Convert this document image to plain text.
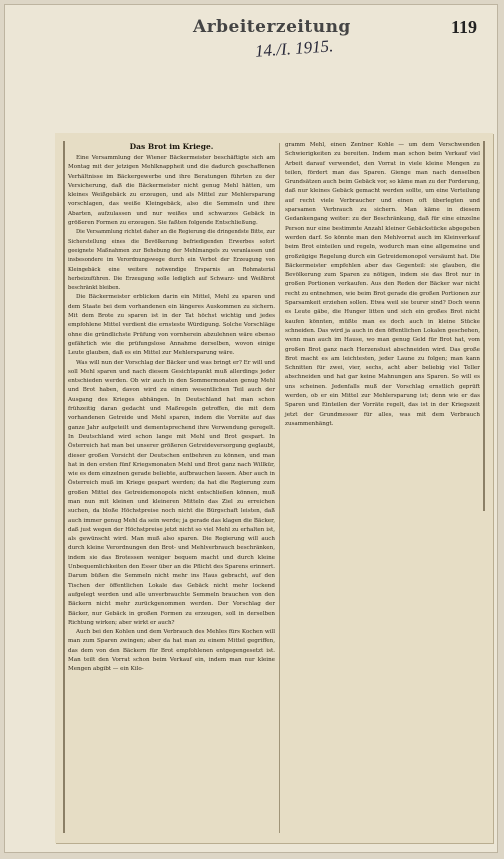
Arbeiterzeitung	119
14./I. 1915.
Das Brot im Kriege.

Eine Versammlung der Wiener Bäckermeister beschäftigte sich am Montag mit der jetzigen Mehlknappheit und die dadurch geschaffenen Verhältnisse im Bäckergewerbe und ihre Beratungen führten zu der Versicherung, daß die Bäckermeister nicht genug Mehl hätten, um kleines Weißgebäck zu erzeugen, und als Mittel zur Mehlersparung vorschlagen, das weiße Kleingebäck, also die Semmeln und ihre Abarten, aufzulassen und nur weißes und schwarzes Gebäck in größeren Formen zu erzeugen. Sie faßten folgende Entschließung.

Die Versammlung richtet daher an die Regierung die dringendste Bitte, zur Sicherstellung eines die Bevölkerung befriedigenden Erwerbes sofort geeignete Maßnahmen zur Behebung der Mehlmangels zu veranlassen und insbesondere im Verordnungswege durch ein Verbot der Erzeugung von Kleingebäck eine weitere notwendige Ersparnis an Rohmaterial herbeizuführen. Die Erzeugung solle lediglich auf Schwarz- und Weißbrot beschränkt bleiben.

Die Bäckermeister erblicken darin ein Mittel, Mehl zu sparen und dem Staate bei dem vorhandenen ein längeres Auskommen zu sichern. Mit dem Brote zu sparen ist in der Tat höchst wichtig und jedes empfohlene Mittel verdient die ernsteste Würdigung. Solche Vorschläge ohne die gründlichste Prüfung von vornherein abzulehnen wäre ebenso gefährlich wie die prüfungslose Annahme derselben, wovon einige Leute glauben, daß es ein Mittel zur Mehlersparung wäre.

Was will nun der Vorschlag der Bäcker und was bringt er? Er will und soll Mehl sparen und nach diesem Gesichtspunkt muß allerdings jeder entschieden werden. Ob wir auch in den Sommermonaten genug Mehl und Brot haben, davon wird zu einem wesentlichen Teil auch der Ausgang des Krieges abhängen. In Deutschland hat man schon frühzeitig daran gedacht und Maßregeln getroffen, die mit dem vorhandenen Getreide und Mehl sparen, indem die Vorräte auf das ganze Jahr aufgeteilt und dementsprechend ihre Verwendung geregelt. In Deutschland wird schon lange mit Mehl und Brot gespart. In Österreich hat man bei unserer größeren Getreideversorgung geglaubt, dieser großen Vorsicht der Deutschen entbehren zu können, und man hat in den ersten fünf Kriegsmonaten Mehl und Brot ganz nach Willkür, wie es dem einzelnen gerade beliebte, aufbrauchen lassen. Aber auch in Österreich muß im Kriege gespart werden; da hat die Regierung zum großen Mittel des Getreidemonopols nicht entschließen können, muß man nun mit kleinen und kleineren Mitteln das Ziel zu erreichen suchen, da bloße Höchstpreise noch nicht die Bürgschaft leisten, daß auch immer genug Mehl da sein werde; ja gerade das klagen die Bäcker, daß just wegen der Höchstpreise jetzt nicht so viel Mehl zu erhalten ist, als gewünscht wird. Man muß also sparen. Die Regierung will auch durch kleine Verordnungen den Brot- und Mehlverbrauch beschränken, indem sie das Brotessen weniger bequem macht und durch kleine Unbequemlichkeiten den Esser über an die Pflicht des Sparens erinnert. Darum büßen die Semmeln nicht mehr ins Haus gebracht, auf den Tischen der öffentlichen Lokale das Gebäck nicht mehr lockend aufgelegt werden und alle unverbrauchte Semmeln brauchen von den Bäckern nicht mehr zurückgenommen werden. Der Vorschlag der Bäcker, nur Gebäck in großen Formen zu erzeugen, soll in derselben Richtung wirken; aber wirkt er auch?

Auch bei den Kohlen und dem Verbrauch des Mehles fürs Kochen will man zum Sparen zwingen; aber da hat man zu einem Mittel gegriffen, das dem von den Bäckern für Brot empfohlenen entgegengesetzt ist. Man teilt den Vorrat schon beim Verkauf ein, indem man nur kleine Mengen abgibt — ein Kilo-

gramm Mehl, einen Zentner Kohle — um dem Verschwenden Schwierigkeiten zu bereiten. Indem man schon beim Verkauf viel Arbeit darauf verwendet, den Vorrat in viele kleine Mengen zu teilen, fördert man das Sparen. Gienge man nach denselben Grundsätzen auch beim Gebäck vor, so käme man zu der Forderung, daß nur kleines Gebäck gemacht werden sollte, um eine Verteilung auf recht viele Verbraucher und einen oft überlegten und sparsamen Verbrauch zu sichern. Man käme in diesem Gedankengang weiter: zu der Beschränkung, daß für eine einzelne Person nur eine bestimmte Anzahl kleiner Gebäckstücke abgegeben werden darf. So könnte man den Mehlvorrat auch im Kleinverkauf beim Brot einteilen und regeln, wodurch man eine allgemeine und großzügige Regelung durch ein Getreidemonopol versäumt hat. Die Bäckermeister empfehlen aber das Gegenteil: sie glauben, die Bevölkerung zum Sparen zu nötigen, indem sie das Brot nur in großen Portionen verkaufen. Aus den Reden der Bäcker war nicht recht zu entnehmen, wie beim Brot gerade die großen Portionen zur Sparsamkeit erziehen sollen. Etwa weil sie teurer sind? Doch wenn es Leute gäbe, die Hunger litten und sich ein großes Brot nicht kaufen könnten, müßte man es doch auch in kleine Stücke schneiden. Das wird ja auch in den öffentlichen Lokalen geschehen, wenn man auch im Hause, wo man genug Geld für Brot hat, vom großen Brot ganz nach Herzenslust abschneiden wird. Das große Brot macht es am leichtesten, jeder Laune zu folgen; man kann Schnitten für zwei, vier, sechs, acht aber beliebig viel Teller abschneiden und hat gar keine Mahnungen ans Sparen. So will es uns scheinen. Jedenfalls muß der Vorschlag ernstlich geprüft werden, ob er ein Mittel zur Mehlersparung ist; denn wie er das Sparen und Einteilen der Vorräte regelt, das ist in der Kriegszeit jetzt der Grundmesser für alles, was mit dem Verbrauch zusammenhängt.
